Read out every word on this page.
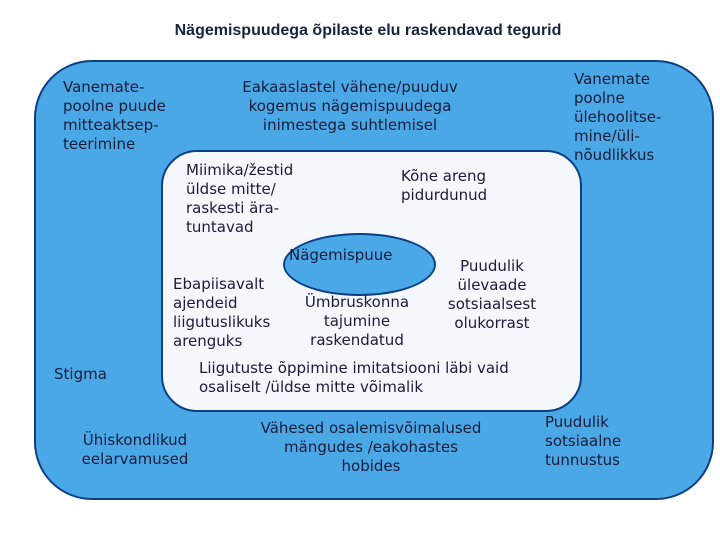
Nägemispuudega õpilaste elu raskendavad tegurid
Nägemispuue
Vanemate-
poolne puude
mitteaktsep-
teerimine
Eakaaslastel vähene/puuduv
kogemus nägemispuudega
inimestega suhtlemisel
Vanemate
poolne
ülehoolitse-
mine/üli-
nõudlikkus
Stigma
Ühiskondlikud
eelarvamused
Vähesed osalemisvõimalused
mängudes /eakohastes
hobides
Puudulik
sotsiaalne
tunnustus
Miimika/žestid
üldse mitte/
raskesti ära-
tuntavad
Kõne areng
pidurdunud
Ebapiisavalt
ajendeid
liigutuslikuks
arenguks
Ümbruskonna
tajumine
raskendatud
Puudulik
ülevaade
sotsiaalsest
olukorrast
Liigutuste õppimine imitatsiooni läbi vaid
osaliselt /üldse mitte võimalik
